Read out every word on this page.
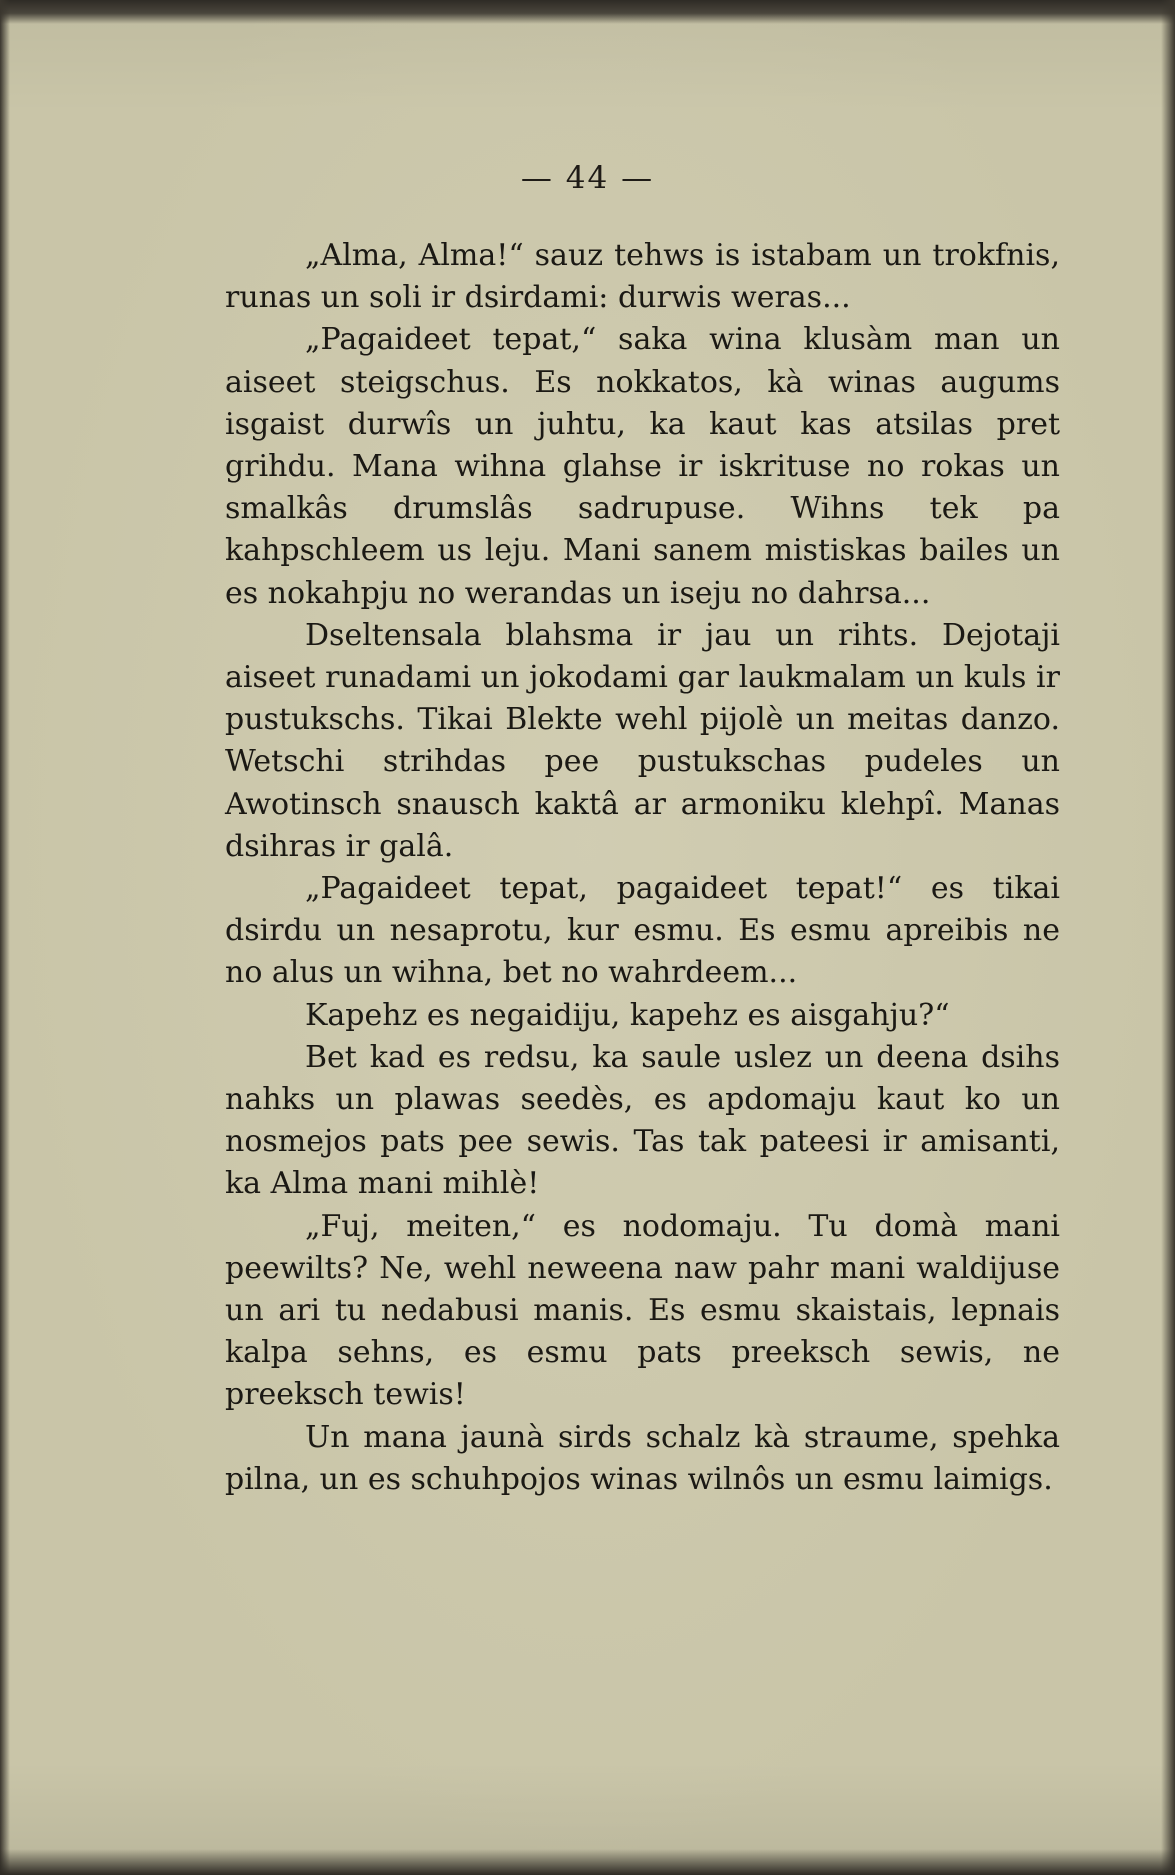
— 44 —

„Alma, Alma!“ sauz tehws is istabam un trokfnis, runas un soli ir dsirdami: durwis weras...

„Pagaideet tepat,“ saka wina klusàm man un aiseet steigschus. Es nokkatos, kà winas augums isgaist durwîs un juhtu, ka kaut kas atsilas pret grihdu. Mana wihna glahse ir iskrituse no rokas un smalkâs drumslâs sadrupuse. Wihns tek pa kahpschleem us leju. Mani sanem mistiskas bailes un es nokahpju no werandas un iseju no dahrsa...

Dseltensala blahsma ir jau un rihts. Dejotaji aiseet runadami un jokodami gar laukmalam un kuls ir pustukschs. Tikai Blekte wehl pijolè un meitas danzo. Wetschi strihdas pee pustukschas pudeles un Awotinsch snausch kaktâ ar armoniku klehpî. Manas dsihras ir galâ.

„Pagaideet tepat, pagaideet tepat!“ es tikai dsirdu un nesaprotu, kur esmu. Es esmu apreibis ne no alus un wihna, bet no wahrdeem...

Kapehz es negaidiju, kapehz es aisgahju?“

Bet kad es redsu, ka saule uslez un deena dsihs nahks un plawas seedès, es apdomaju kaut ko un nosmejos pats pee sewis. Tas tak pateesi ir amisanti, ka Alma mani mihlè!

„Fuj, meiten,“ es nodomaju. Tu domà mani peewilts? Ne, wehl neweena naw pahr mani waldijuse un ari tu nedabusi manis. Es esmu skaistais, lepnais kalpa sehns, es esmu pats preeksch sewis, ne preeksch tewis!

Un mana jaunà sirds schalz kà straume, spehka pilna, un es schuhpojos winas wilnôs un esmu laimigs.
